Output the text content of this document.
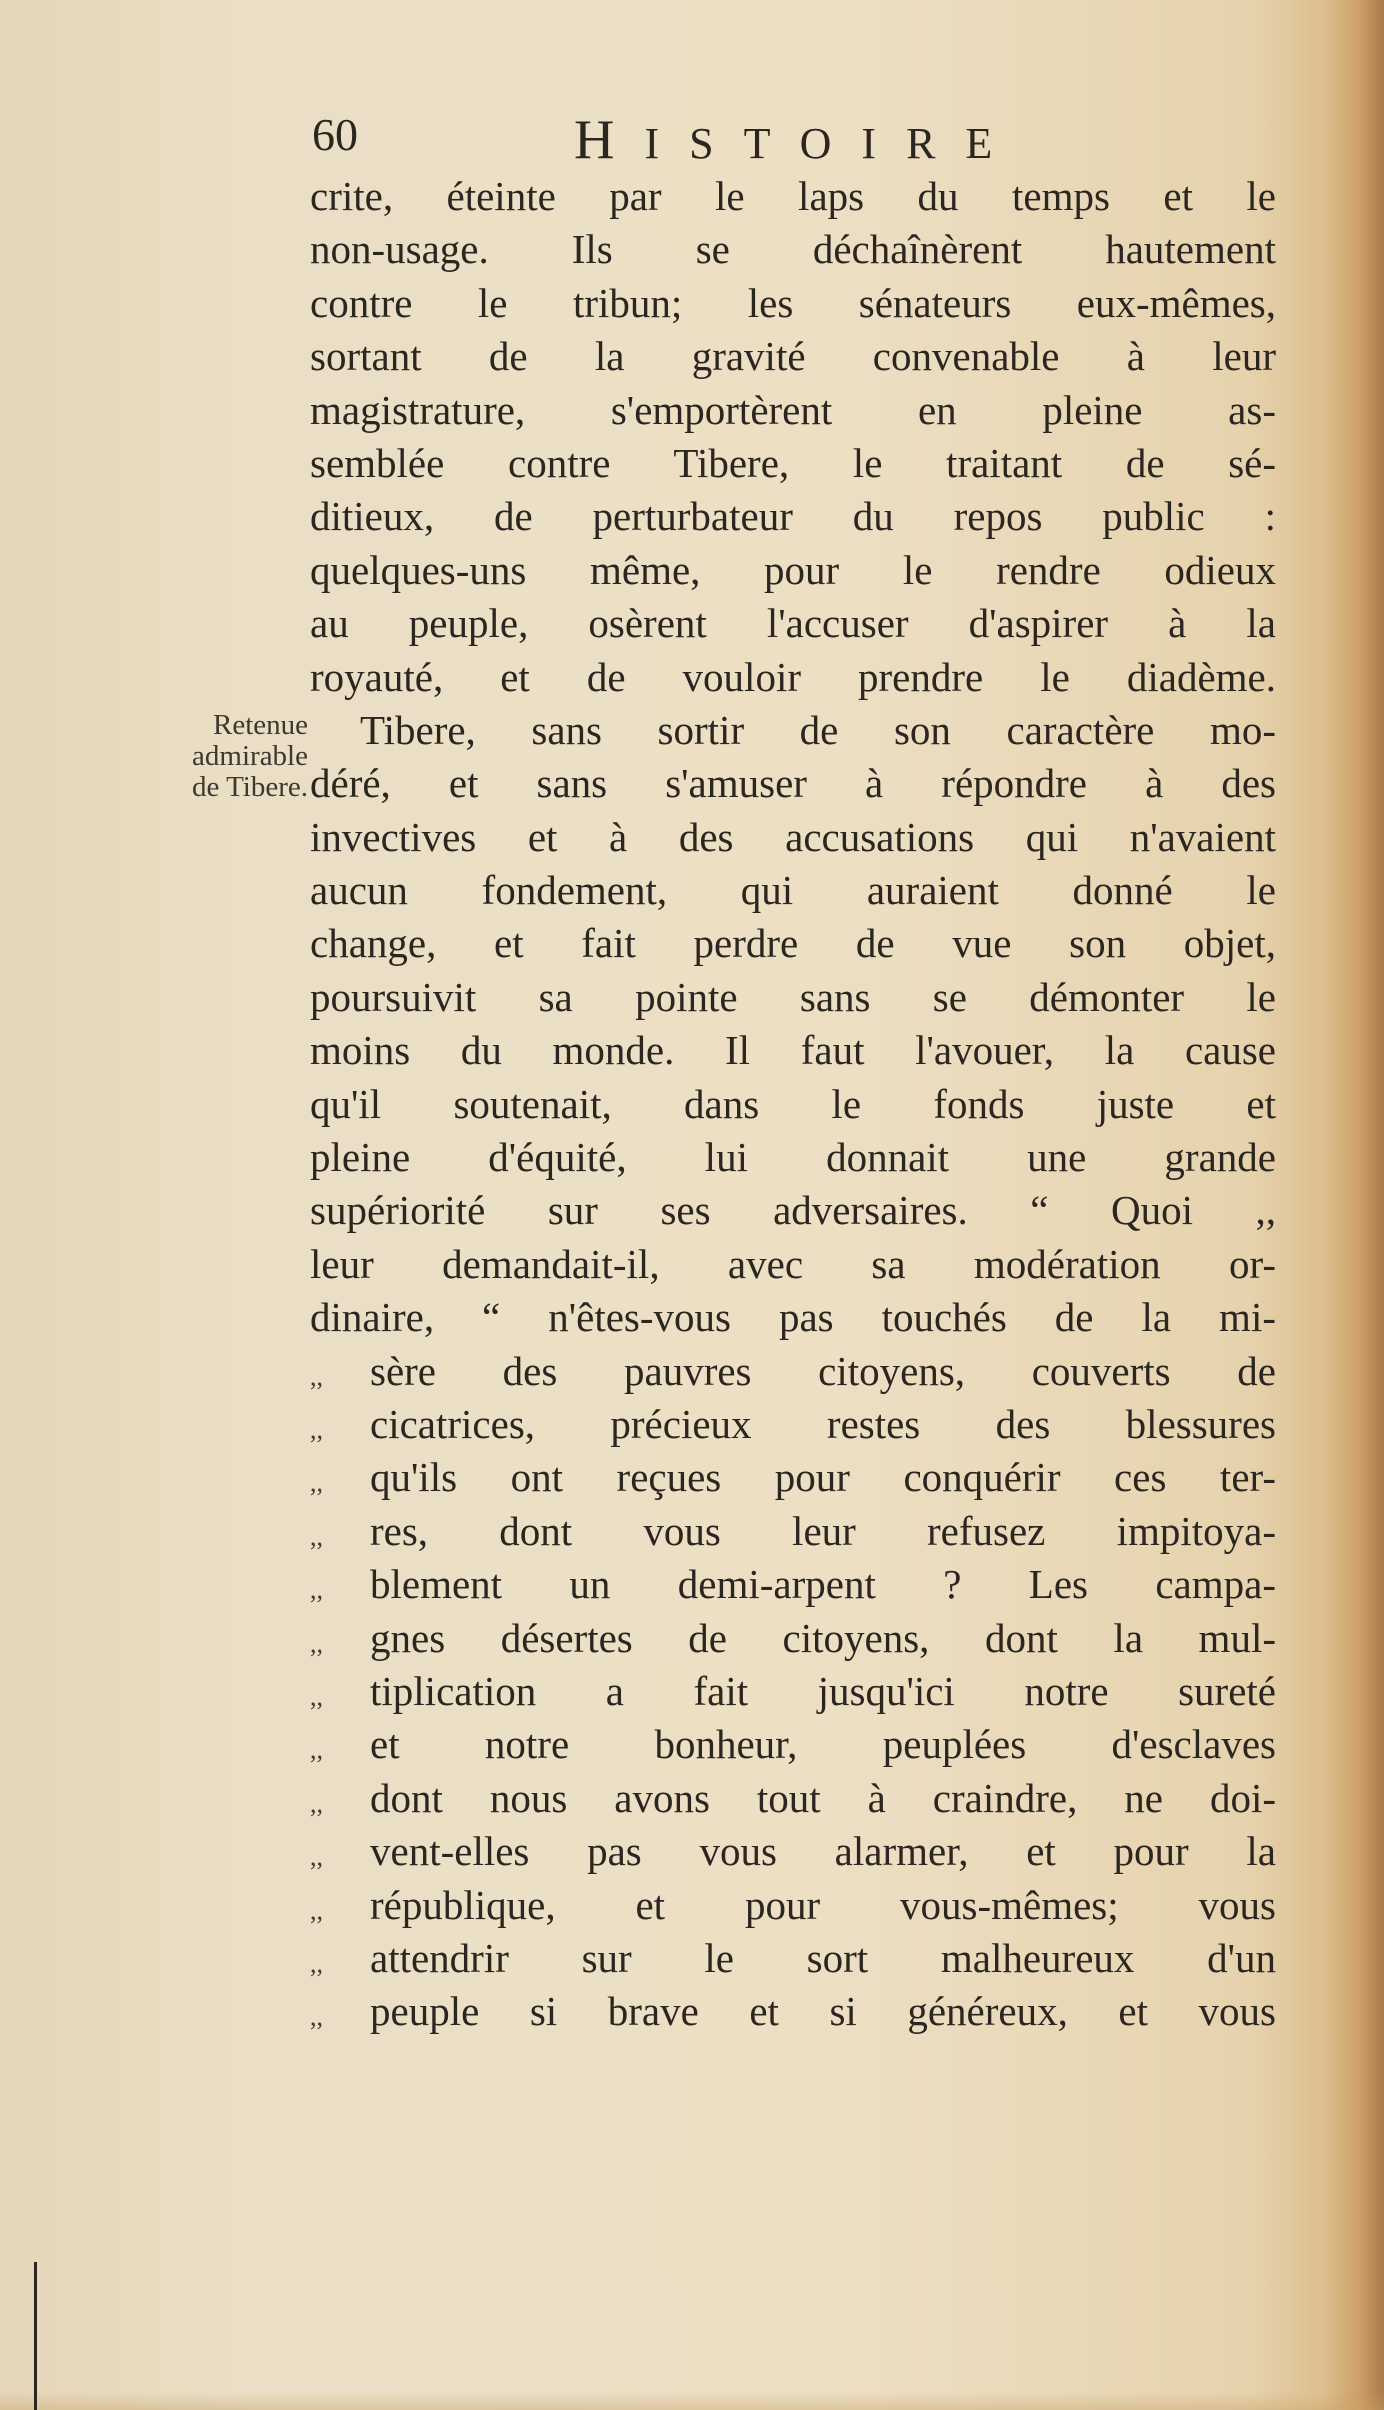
60	HISTOIRE
Retenue
admirable
de Tibere.
crite, éteinte par le laps du temps et le
non-usage. Ils se déchaînèrent hautement
contre le tribun; les sénateurs eux-mêmes,
sortant de la gravité convenable à leur
magistrature, s'emportèrent en pleine as-
semblée contre Tibere, le traitant de sé-
ditieux, de perturbateur du repos public :
quelques-uns même, pour le rendre odieux
au peuple, osèrent l'accuser d'aspirer à la
royauté, et de vouloir prendre le diadème.
Tibere, sans sortir de son caractère mo-
déré, et sans s'amuser à répondre à des
invectives et à des accusations qui n'avaient
aucun fondement, qui auraient donné le
change, et fait perdre de vue son objet,
poursuivit sa pointe sans se démonter le
moins du monde. Il faut l'avouer, la cause
qu'il soutenait, dans le fonds juste et
pleine d'équité, lui donnait une grande
supériorité sur ses adversaires. “ Quoi ,,
leur demandait-il, avec sa modération or-
dinaire, “ n'êtes-vous pas touchés de la mi-
,,	sère des pauvres citoyens, couverts de
,,	cicatrices, précieux restes des blessures
,,	qu'ils ont reçues pour conquérir ces ter-
,,	res, dont vous leur refusez impitoya-
,,	blement un demi-arpent ? Les campa-
,,	gnes désertes de citoyens, dont la mul-
,,	tiplication a fait jusqu'ici notre sureté
,,	et notre bonheur, peuplées d'esclaves
,,	dont nous avons tout à craindre, ne doi-
,,	vent-elles pas vous alarmer, et pour la
,,	république, et pour vous-mêmes; vous
,,	attendrir sur le sort malheureux d'un
,,	peuple si brave et si généreux, et vous
